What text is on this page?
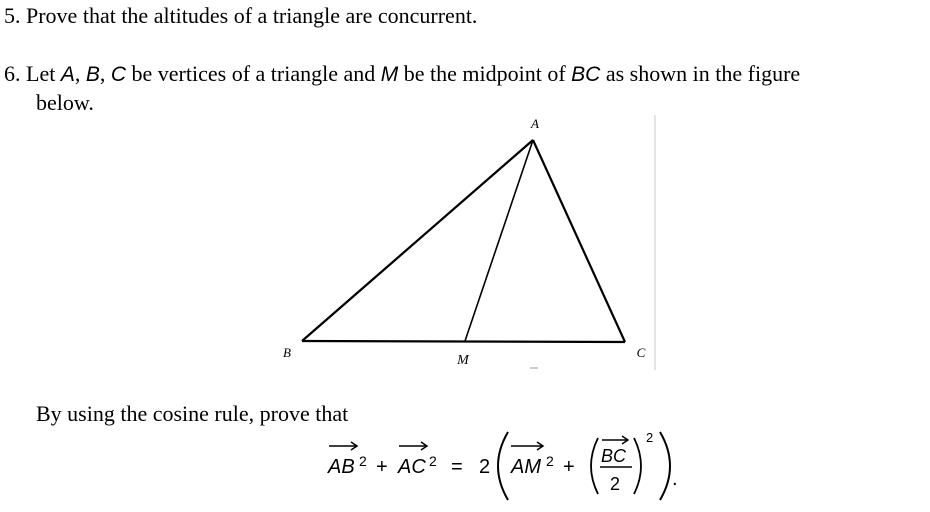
5. Prove that the altitudes of a triangle are concurrent.
6. Let A, B, C be vertices of a triangle and M be the midpoint of BC as shown in the figure
below.
A
B	C
M
By using the cosine rule, prove that
AB 2 + AC 2 = 2 AM 2 + BC
2
2
.
